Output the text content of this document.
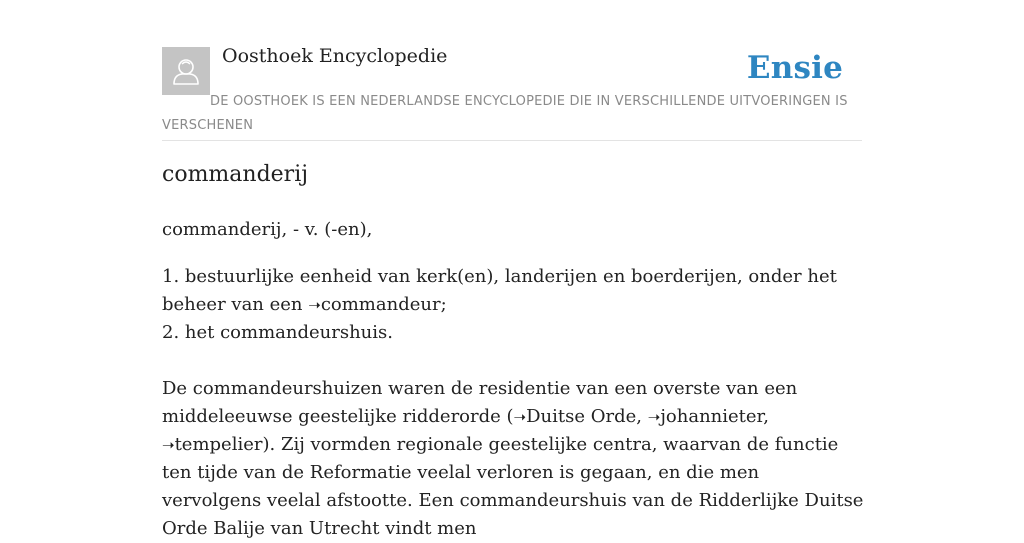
Oosthoek Encyclopedie	Ensie

DE OOSTHOEK IS EEN NEDERLANDSE ENCYCLOPEDIE DIE IN VERSCHILLENDE UITVOERINGEN IS VERSCHENEN

commanderij

commanderij, - v. (-en),

1. bestuurlijke eenheid van kerk(en), landerijen en boerderijen, onder het beheer van een ➝commandeur;

2. het commandeurshuis.

De commandeurshuizen waren de residentie van een overste van een middeleeuwse geestelijke ridderorde (➝Duitse Orde, ➝johannieter, ➝tempelier). Zij vormden regionale geestelijke centra, waarvan de functie ten tijde van de Reformatie veelal verloren is gegaan, en die men vervolgens veelal afstootte. Een commandeurshuis van de Ridderlijke Duitse Orde Balije van Utrecht vindt men
